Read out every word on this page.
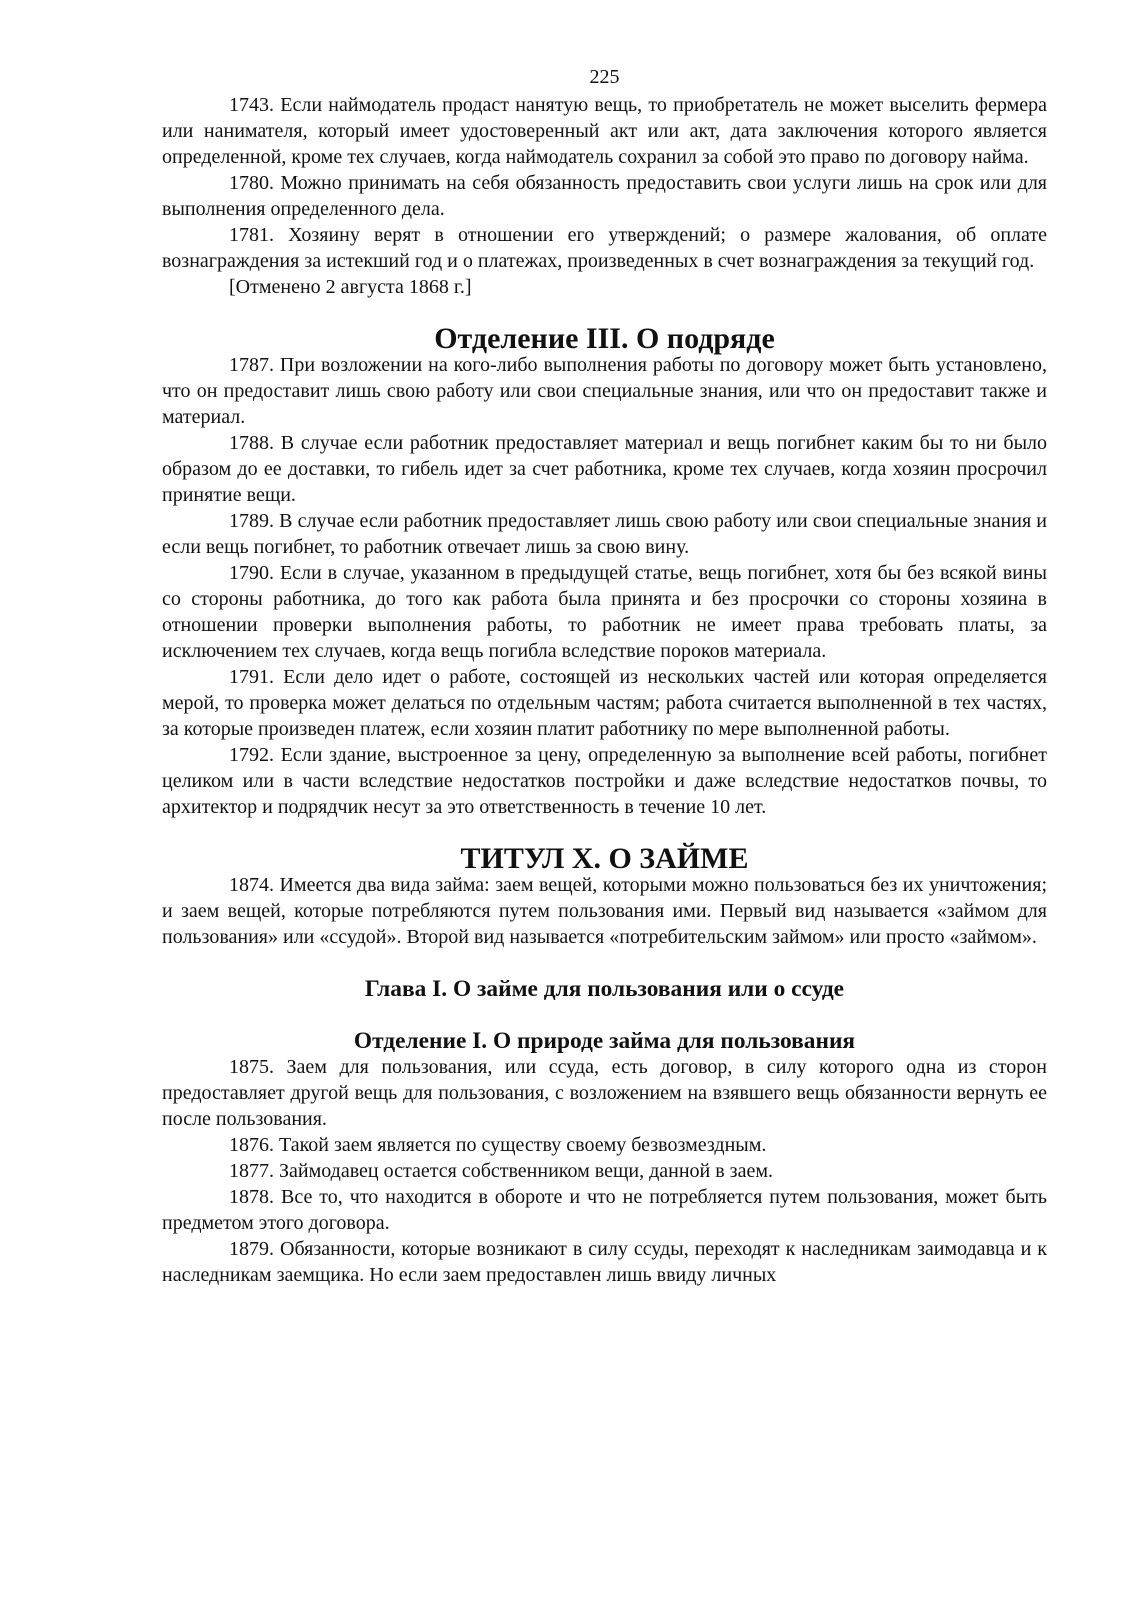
225

1743. Если наймодатель продаст нанятую вещь, то приобретатель не может выселить фермера или нанимателя, который имеет удостоверенный акт или акт, дата заключения которого является определенной, кроме тех случаев, когда наймодатель сохранил за собой это право по договору найма.

1780. Можно принимать на себя обязанность предоставить свои услуги лишь на срок или для выполнения определенного дела.

1781. Хозяину верят в отношении его утверждений; о размере жалования, об оплате вознаграждения за истекший год и о платежах, произведенных в счет вознаграждения за текущий год.

[Отменено 2 августа 1868 г.]

Отделение III. О подряде

1787. При возложении на кого-либо выполнения работы по договору может быть установлено, что он предоставит лишь свою работу или свои специальные знания, или что он предоставит также и материал.

1788. В случае если работник предоставляет материал и вещь погибнет каким бы то ни было образом до ее доставки, то гибель идет за счет работника, кроме тех случаев, когда хозяин просрочил принятие вещи.

1789. В случае если работник предоставляет лишь свою работу или свои специальные знания и если вещь погибнет, то работник отвечает лишь за свою вину.

1790. Если в случае, указанном в предыдущей статье, вещь погибнет, хотя бы без всякой вины со стороны работника, до того как работа была принята и без просрочки со стороны хозяина в отношении проверки выполнения работы, то работник не имеет права требовать платы, за исключением тех случаев, когда вещь погибла вследствие пороков материала.

1791. Если дело идет о работе, состоящей из нескольких частей или которая определяется мерой, то проверка может делаться по отдельным частям; работа считается выполненной в тех частях, за которые произведен платеж, если хозяин платит работнику по мере выполненной работы.

1792. Если здание, выстроенное за цену, определенную за выполнение всей работы, погибнет целиком или в части вследствие недостатков постройки и даже вследствие недостатков почвы, то архитектор и подрядчик несут за это ответственность в течение 10 лет.

ТИТУЛ X. О ЗАЙМЕ

1874. Имеется два вида займа: заем вещей, которыми можно пользоваться без их уничтожения; и заем вещей, которые потребляются путем пользования ими. Первый вид называется «займом для пользования» или «ссудой». Второй вид называется «потребительским займом» или просто «займом».

Глава I. О займе для пользования или о ссуде
Отделение I. О природе займа для пользования

1875. Заем для пользования, или ссуда, есть договор, в силу которого одна из сторон предоставляет другой вещь для пользования, с возложением на взявшего вещь обязанности вернуть ее после пользования.

1876. Такой заем является по существу своему безвозмездным.

1877. Займодавец остается собственником вещи, данной в заем.

1878. Все то, что находится в обороте и что не потребляется путем пользования, может быть предметом этого договора.

1879. Обязанности, которые возникают в силу ссуды, переходят к наследникам заимодавца и к наследникам заемщика. Но если заем предоставлен лишь ввиду личных
